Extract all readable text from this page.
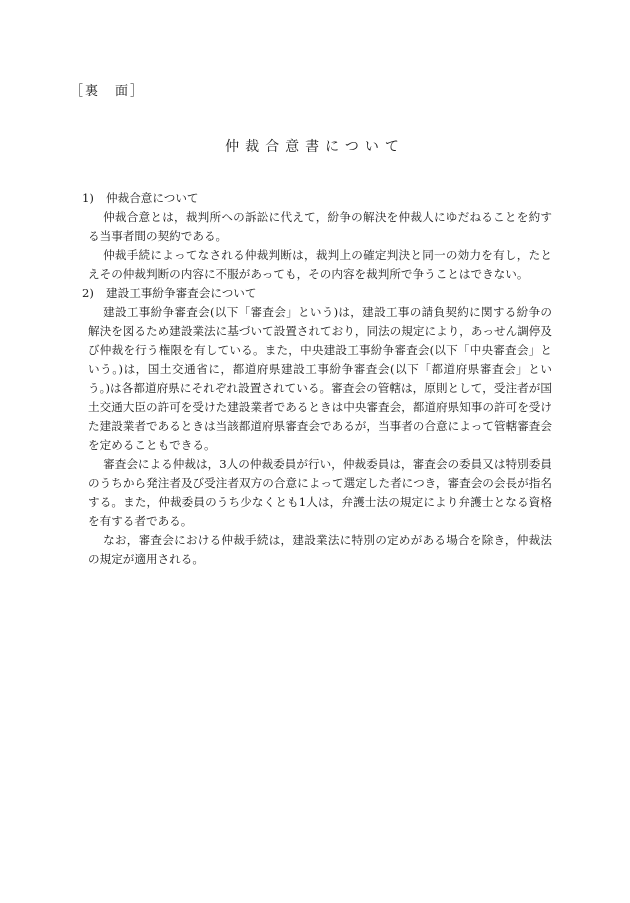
［裏　面］
仲裁合意書について
1)	仲裁合意について
仲裁合意とは，裁判所への訴訟に代えて，紛争の解決を仲裁人にゆだねることを約する当事者間の契約である。
仲裁手続によってなされる仲裁判断は，裁判上の確定判決と同一の効力を有し，たとえその仲裁判断の内容に不服があっても，その内容を裁判所で争うことはできない。
2)	建設工事紛争審査会について
建設工事紛争審査会(以下「審査会」という)は，建設工事の請負契約に関する紛争の解決を図るため建設業法に基づいて設置されており，同法の規定により，あっせん調停及び仲裁を行う権限を有している。また，中央建設工事紛争審査会(以下「中央審査会」という。)は，国土交通省に，都道府県建設工事紛争審査会(以下「都道府県審査会」という。)は各都道府県にそれぞれ設置されている。審査会の管轄は，原則として，受注者が国土交通大臣の許可を受けた建設業者であるときは中央審査会，都道府県知事の許可を受けた建設業者であるときは当該都道府県審査会であるが，当事者の合意によって管轄審査会を定めることもできる。
審査会による仲裁は，3人の仲裁委員が行い，仲裁委員は，審査会の委員又は特別委員のうちから発注者及び受注者双方の合意によって選定した者につき，審査会の会長が指名する。また，仲裁委員のうち少なくとも1人は，弁護士法の規定により弁護士となる資格を有する者である。
なお，審査会における仲裁手続は，建設業法に特別の定めがある場合を除き，仲裁法の規定が適用される。
